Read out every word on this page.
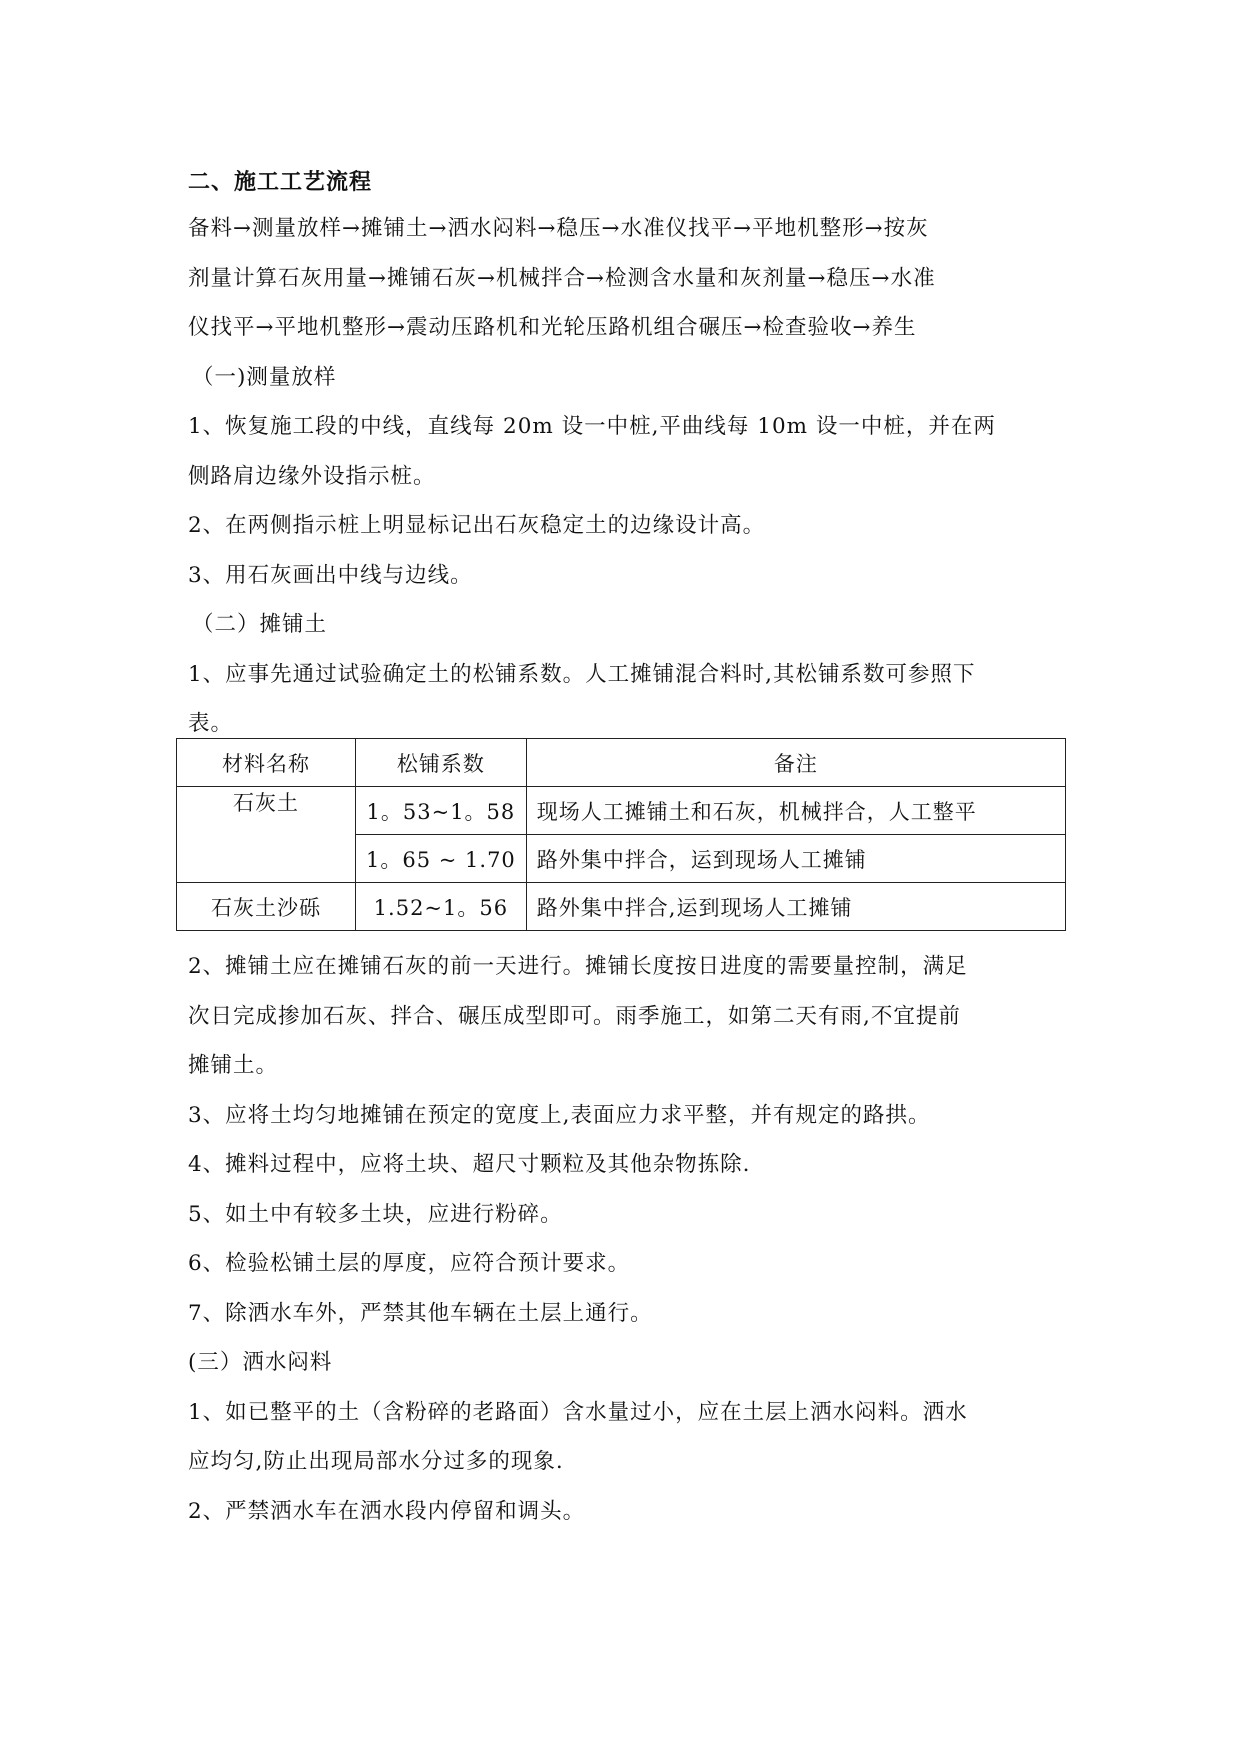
二、施工工艺流程
备料→测量放样→摊铺土→洒水闷料→稳压→水准仪找平→平地机整形→按灰
剂量计算石灰用量→摊铺石灰→机械拌合→检测含水量和灰剂量→稳压→水准
仪找平→平地机整形→震动压路机和光轮压路机组合碾压→检查验收→养生
（一)测量放样
1、恢复施工段的中线，直线每 20m 设一中桩,平曲线每 10m 设一中桩，并在两
侧路肩边缘外设指示桩。
2、在两侧指示桩上明显标记出石灰稳定土的边缘设计高。
3、用石灰画出中线与边线。
（二）摊铺土
1、应事先通过试验确定土的松铺系数。人工摊铺混合料时,其松铺系数可参照下
表。
材料名称	松铺系数	备注
石灰土	1。53~1。58	现场人工摊铺土和石灰，机械拌合，人工整平
	1。65 ~ 1.70	路外集中拌合，运到现场人工摊铺
石灰土沙砾	1.52~1。56	路外集中拌合,运到现场人工摊铺
2、摊铺土应在摊铺石灰的前一天进行。摊铺长度按日进度的需要量控制，满足
次日完成掺加石灰、拌合、碾压成型即可。雨季施工，如第二天有雨,不宜提前
摊铺土。
3、应将土均匀地摊铺在预定的宽度上,表面应力求平整，并有规定的路拱。
4、摊料过程中，应将土块、超尺寸颗粒及其他杂物拣除.
5、如土中有较多土块，应进行粉碎。
6、检验松铺土层的厚度，应符合预计要求。
7、除洒水车外，严禁其他车辆在土层上通行。
(三）洒水闷料
1、如已整平的土（含粉碎的老路面）含水量过小，应在土层上洒水闷料。洒水
应均匀,防止出现局部水分过多的现象.
2、严禁洒水车在洒水段内停留和调头。
